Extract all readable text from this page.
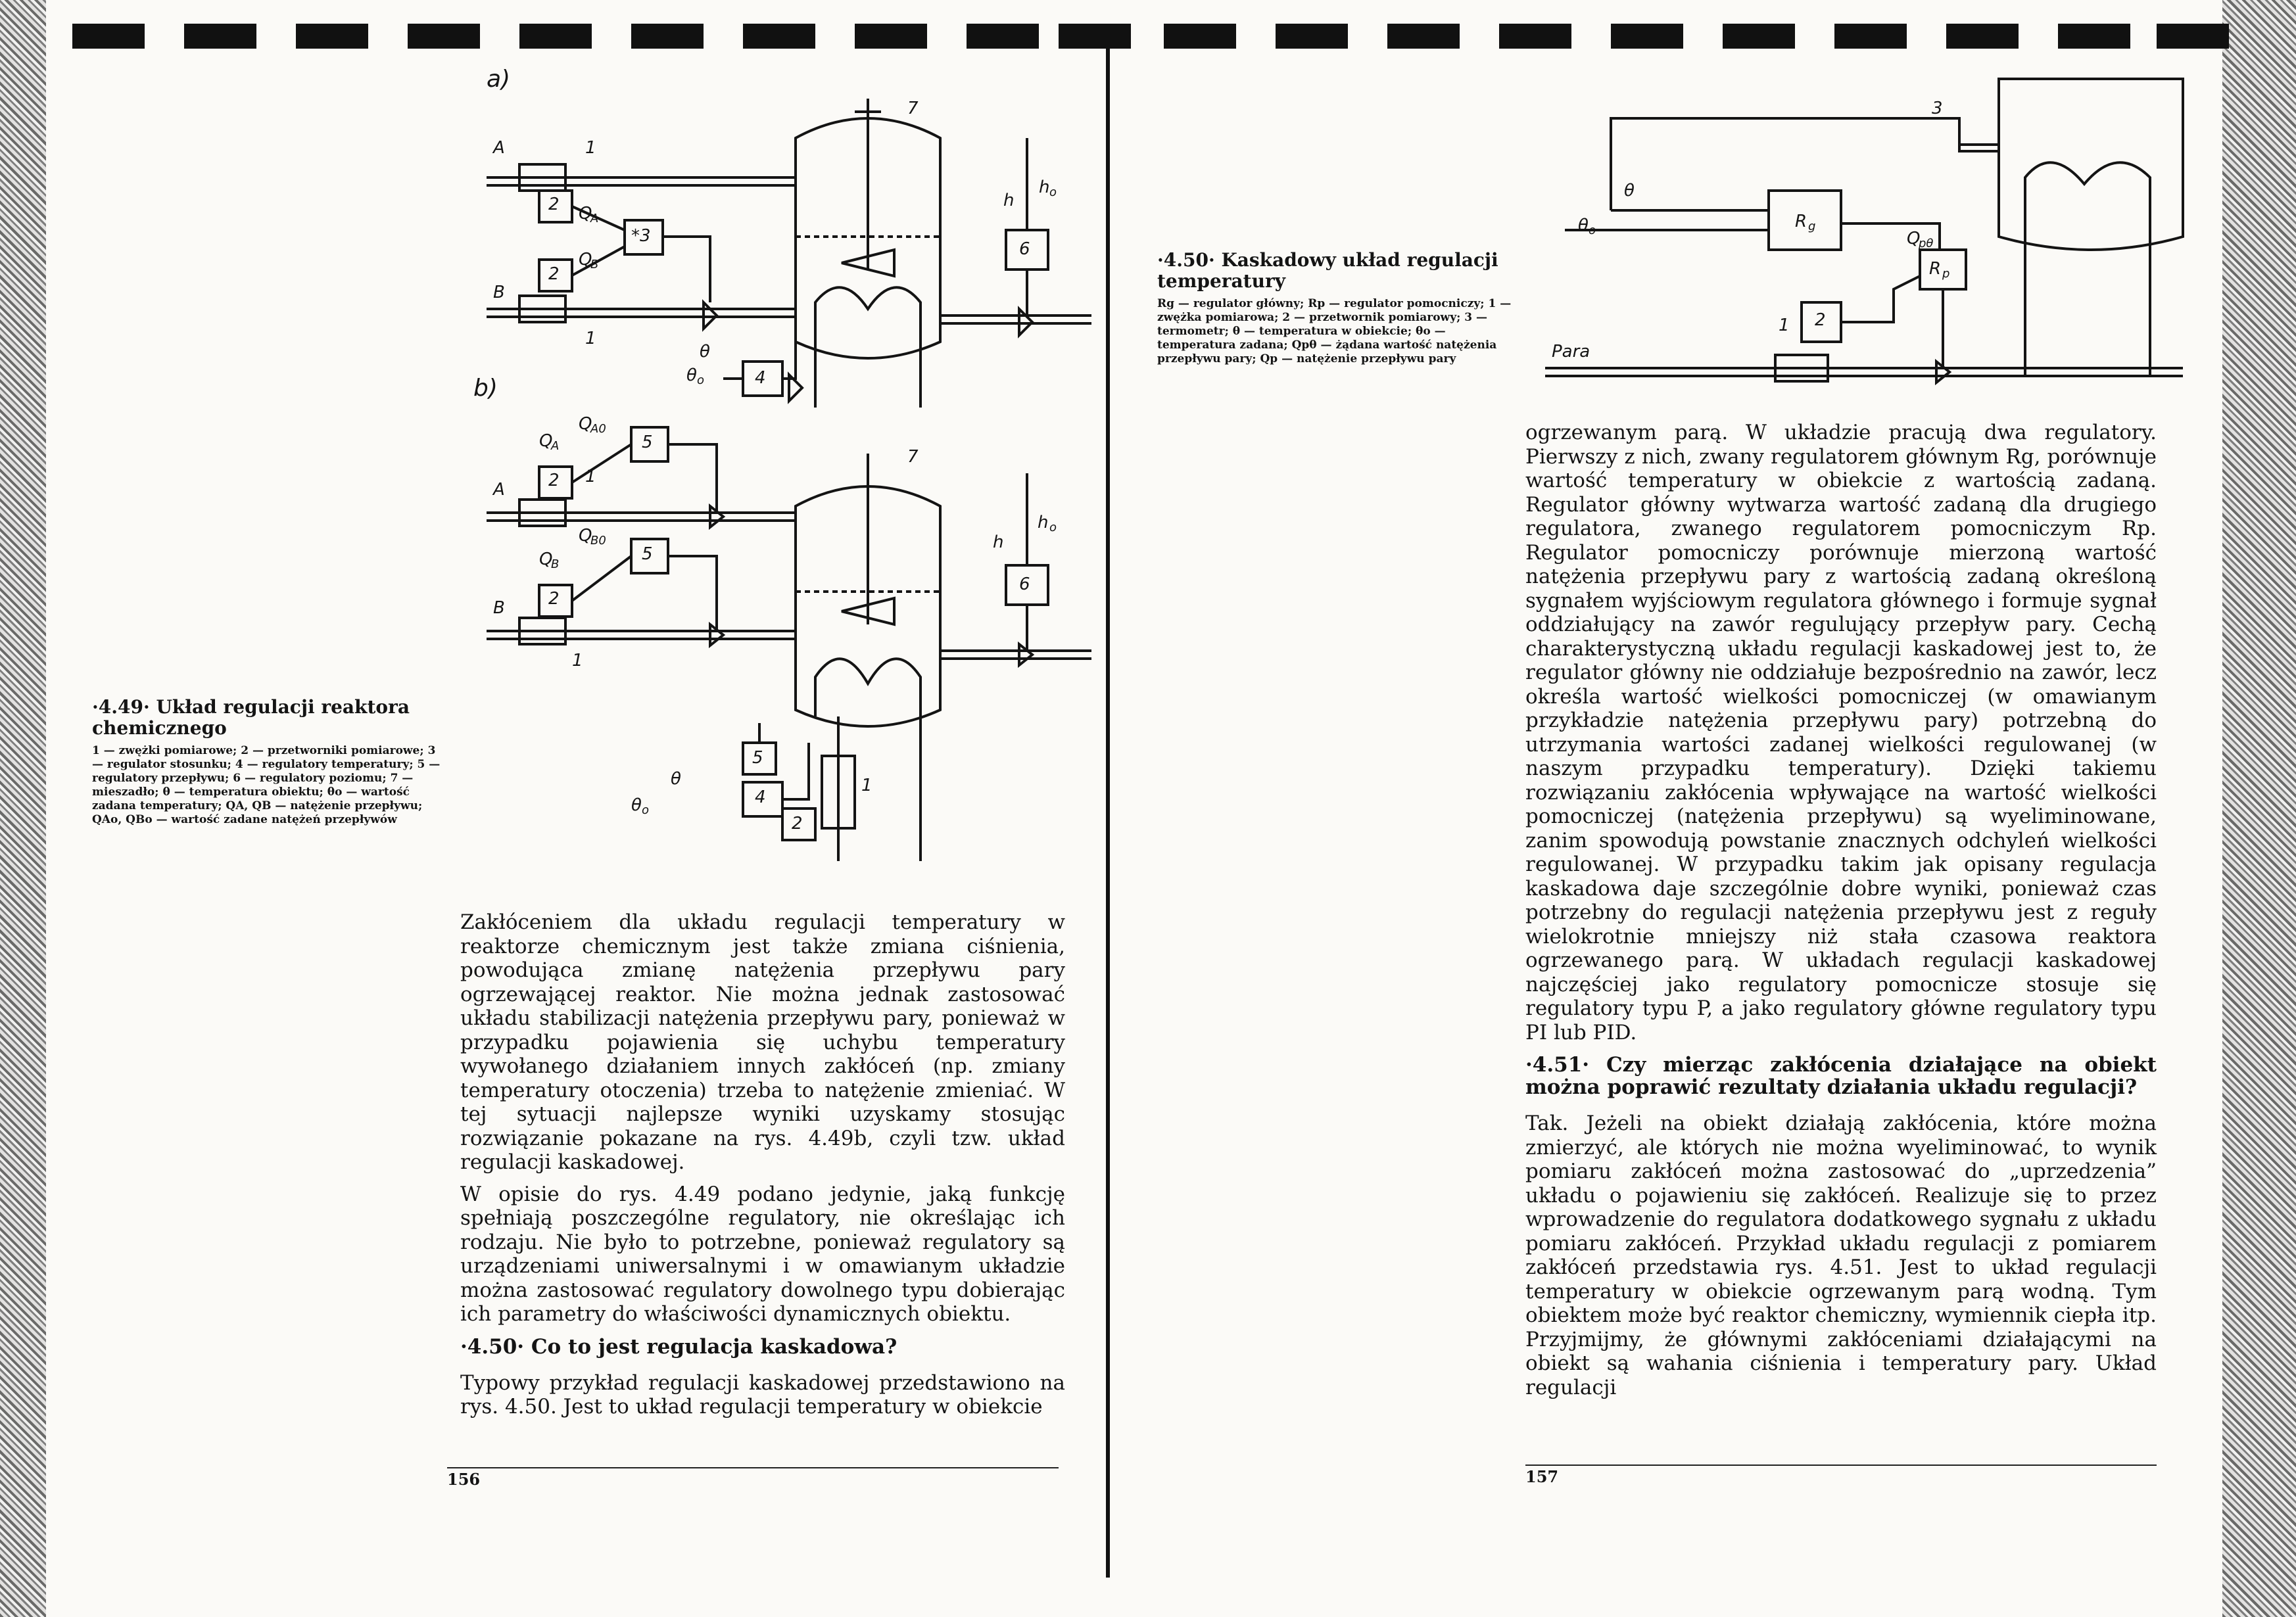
a)
A
B
1
2
2
*3
4
6
7
1
Q
A
Q
B
h
h o
θ
θ o
b)
A
B
Q
A0
Q
A
Q
B0
Q
B
2
2
5
5
5
6
7
1
1
1
2
4
h
h o
θ
θ o
·4.49· Układ regulacji reaktora chemicznego
1 — zwężki pomiarowe; 2 — przetworniki pomiarowe; 3 — regulator stosunku; 4 — regulatory temperatury; 5 — regulatory przepływu; 6 — regulatory poziomu; 7 — mieszadło; θ — temperatura obiektu; θo — wartość zadana temperatury; QA, QB — natężenie przepływu; QAo, QBo — wartość zadane natężeń przepływów

Zakłóceniem dla układu regulacji temperatury w reaktorze chemicznym jest także zmiana ciśnienia, powodująca zmianę natężenia przepływu pary ogrzewającej reaktor. Nie można jednak zastosować układu stabilizacji natężenia przepływu pary, ponieważ w przypadku pojawienia się uchybu temperatury wywołanego działaniem innych zakłóceń (np. zmiany temperatury otoczenia) trzeba to natężenie zmieniać. W tej sytuacji najlepsze wyniki uzyskamy stosując rozwiązanie pokazane na rys. 4.49b, czyli tzw. układ regulacji kaskadowej.

W opisie do rys. 4.49 podano jedynie, jaką funkcję spełniają poszczególne regulatory, nie określając ich rodzaju. Nie było to potrzebne, ponieważ regulatory są urządzeniami uniwersalnymi i w omawianym układzie można zastosować regulatory dowolnego typu dobierając ich parametry do właściwości dynamicznych obiektu.

·4.50· Co to jest regulacja kaskadowa?

Typowy przykład regulacji kaskadowej przedstawiono na rys. 4.50. Jest to układ regulacji temperatury w obiekcie

156
·4.50· Kaskadowy układ regulacji temperatury
Rg — regulator główny; Rp — regulator pomocniczy; 1 — zwężka pomiarowa; 2 — przetwornik pomiarowy; 3 — termometr; θ — temperatura w obiekcie; θo — temperatura zadana; Qpθ — żądana wartość natężenia przepływu pary; Qp — natężenie przepływu pary
3
θ
θ o	R g
Q
pθ
R p
1 2
Para

ogrzewanym parą. W układzie pracują dwa regulatory. Pierwszy z nich, zwany regulatorem głównym Rg, porównuje wartość temperatury w obiekcie z wartością zadaną. Regulator główny wytwarza wartość zadaną dla drugiego regulatora, zwanego regulatorem pomocniczym Rp. Regulator pomocniczy porównuje mierzoną wartość natężenia przepływu pary z wartością zadaną określoną sygnałem wyjściowym regulatora głównego i formuje sygnał oddziałujący na zawór regulujący przepływ pary. Cechą charakterystyczną układu regulacji kaskadowej jest to, że regulator główny nie oddziałuje bezpośrednio na zawór, lecz określa wartość wielkości pomocniczej (w omawianym przykładzie natężenia przepływu pary) potrzebną do utrzymania wartości zadanej wielkości regulowanej (w naszym przypadku temperatury). Dzięki takiemu rozwiązaniu zakłócenia wpływające na wartość wielkości pomocniczej (natężenia przepływu) są wyeliminowane, zanim spowodują powstanie znacznych odchyleń wielkości regulowanej. W przypadku takim jak opisany regulacja kaskadowa daje szczególnie dobre wyniki, ponieważ czas potrzebny do regulacji natężenia przepływu jest z reguły wielokrotnie mniejszy niż stała czasowa reaktora ogrzewanego parą. W układach regulacji kaskadowej najczęściej jako regulatory pomocnicze stosuje się regulatory typu P, a jako regulatory główne regulatory typu PI lub PID.

·4.51· Czy mierząc zakłócenia działające na obiekt można poprawić rezultaty działania układu regulacji?

Tak. Jeżeli na obiekt działają zakłócenia, które można zmierzyć, ale których nie można wyeliminować, to wynik pomiaru zakłóceń można zastosować do „uprzedzenia” układu o pojawieniu się zakłóceń. Realizuje się to przez wprowadzenie do regulatora dodatkowego sygnału z układu pomiaru zakłóceń. Przykład układu regulacji z pomiarem zakłóceń przedstawia rys. 4.51. Jest to układ regulacji temperatury w obiekcie ogrzewanym parą wodną. Tym obiektem może być reaktor chemiczny, wymiennik ciepła itp. Przyjmijmy, że głównymi zakłóceniami działającymi na obiekt są wahania ciśnienia i temperatury pary. Układ regulacji

157
